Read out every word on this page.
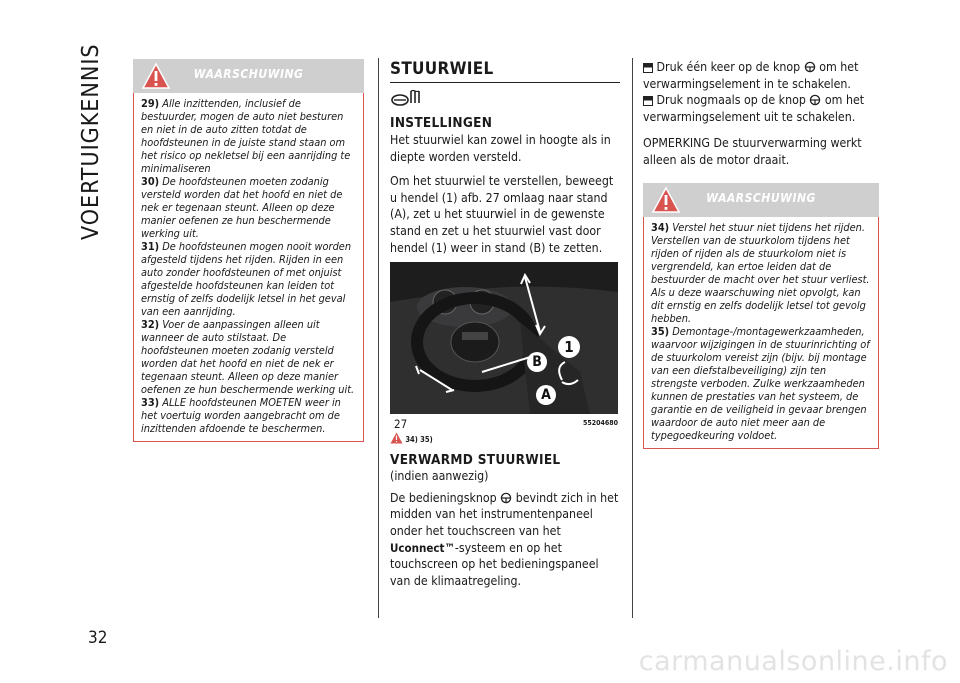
VOERTUIGKENNIS
32
WAARSCHUWING

29) Alle inzittenden, inclusief de bestuurder, mogen de auto niet besturen en niet in de auto zitten totdat de hoofdsteunen in de juiste stand staan om het risico op nekletsel bij een aanrijding te minimaliseren

30) De hoofdsteunen moeten zodanig versteld worden dat het hoofd en niet de nek er tegenaan steunt. Alleen op deze manier oefenen ze hun beschermende werking uit.

31) De hoofdsteunen mogen nooit worden afgesteld tijdens het rijden. Rijden in een auto zonder hoofdsteunen of met onjuist afgestelde hoofdsteunen kan leiden tot ernstig of zelfs dodelijk letsel in het geval van een aanrijding.

32) Voer de aanpassingen alleen uit wanneer de auto stilstaat. De hoofdsteunen moeten zodanig versteld worden dat het hoofd en niet de nek er tegenaan steunt. Alleen op deze manier oefenen ze hun beschermende werking uit.

33) ALLE hoofdsteunen MOETEN weer in het voertuig worden aangebracht om de inzittenden afdoende te beschermen.

STUURWIEL
INSTELLINGEN

Het stuurwiel kan zowel in hoogte als in diepte worden versteld.

Om het stuurwiel te verstellen, beweegt u hendel (1) afb. 27 omlaag naar stand (A), zet u het stuurwiel in de gewenste stand en zet u het stuurwiel vast door hendel (1) weer in stand (B) te zetten.

B
1
A
27	55204680
34) 35)
VERWARMD STUURWIEL

(indien aanwezig)

De bedieningsknop bevindt zich in het midden van het instrumentenpaneel onder het touchscreen van het Uconnect™-systeem en op het touchscreen op het bedieningspaneel van de klimaatregeling.

Druk één keer op de knop om het verwarmingselement in te schakelen.

Druk nogmaals op de knop om het verwarmingselement uit te schakelen.

OPMERKING De stuurverwarming werkt alleen als de motor draait.

WAARSCHUWING

34) Verstel het stuur niet tijdens het rijden. Verstellen van de stuurkolom tijdens het rijden of rijden als de stuurkolom niet is vergrendeld, kan ertoe leiden dat de bestuurder de macht over het stuur verliest. Als u deze waarschuwing niet opvolgt, kan dit ernstig en zelfs dodelijk letsel tot gevolg hebben.

35) Demontage-/montagewerkzaamheden, waarvoor wijzigingen in de stuurinrichting of de stuurkolom vereist zijn (bijv. bij montage van een diefstalbeveiliging) zijn ten strengste verboden. Zulke werkzaamheden kunnen de prestaties van het systeem, de garantie en de veiligheid in gevaar brengen waardoor de auto niet meer aan de typegoedkeuring voldoet.

carmanualsonline.info
